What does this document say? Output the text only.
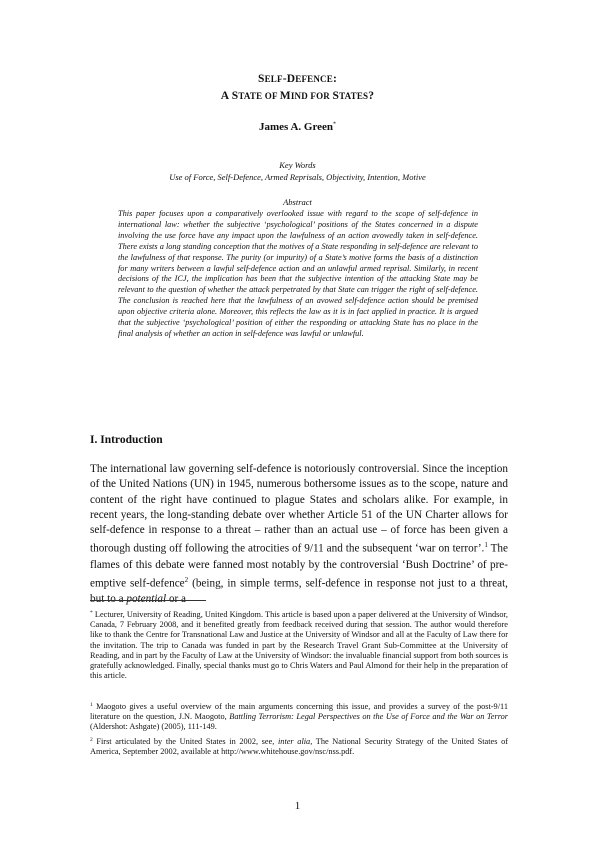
SELF-DEFENCE:
A STATE OF MIND FOR STATES?
James A. Green*
Key Words
Use of Force, Self-Defence, Armed Reprisals, Objectivity, Intention, Motive
Abstract
This paper focuses upon a comparatively overlooked issue with regard to the scope of self-defence in international law: whether the subjective ‘psychological’ positions of the States concerned in a dispute involving the use force have any impact upon the lawfulness of an action avowedly taken in self-defence. There exists a long standing conception that the motives of a State responding in self-defence are relevant to the lawfulness of that response. The purity (or impurity) of a State’s motive forms the basis of a distinction for many writers between a lawful self-defence action and an unlawful armed reprisal. Similarly, in recent decisions of the ICJ, the implication has been that the subjective intention of the attacking State may be relevant to the question of whether the attack perpetrated by that State can trigger the right of self-defence. The conclusion is reached here that the lawfulness of an avowed self-defence action should be premised upon objective criteria alone. Moreover, this reflects the law as it is in fact applied in practice. It is argued that the subjective ‘psychological’ position of either the responding or attacking State has no place in the final analysis of whether an action in self-defence was lawful or unlawful.
I. Introduction
The international law governing self-defence is notoriously controversial. Since the inception of the United Nations (UN) in 1945, numerous bothersome issues as to the scope, nature and content of the right have continued to plague States and scholars alike. For example, in recent years, the long-standing debate over whether Article 51 of the UN Charter allows for self-defence in response to a threat – rather than an actual use – of force has been given a thorough dusting off following the atrocities of 9/11 and the subsequent ‘war on terror’.$^1$ The flames of this debate were fanned most notably by the controversial ‘Bush Doctrine’ of pre-emptive self-defence$^2$ (being, in simple terms, self-defence in response not just to a threat, but to a potential or a
* Lecturer, University of Reading, United Kingdom. This article is based upon a paper delivered at the University of Windsor, Canada, 7 February 2008, and it benefited greatly from feedback received during that session. The author would therefore like to thank the Centre for Transnational Law and Justice at the University of Windsor and all at the Faculty of Law there for the invitation. The trip to Canada was funded in part by the Research Travel Grant Sub-Committee at the University of Reading, and in part by the Faculty of Law at the University of Windsor: the invaluable financial support from both sources is gratefully acknowledged. Finally, special thanks must go to Chris Waters and Paul Almond for their help in the preparation of this article.
$^1$ Maogoto gives a useful overview of the main arguments concerning this issue, and provides a survey of the post-9/11 literature on the question, J.N. Maogoto, Battling Terrorism: Legal Perspectives on the Use of Force and the War on Terror (Aldershot: Ashgate) (2005), 111-149.
$^2$ First articulated by the United States in 2002, see, inter alia, The National Security Strategy of the United States of America, September 2002, available at http://www.whitehouse.gov/nsc/nss.pdf.
1
